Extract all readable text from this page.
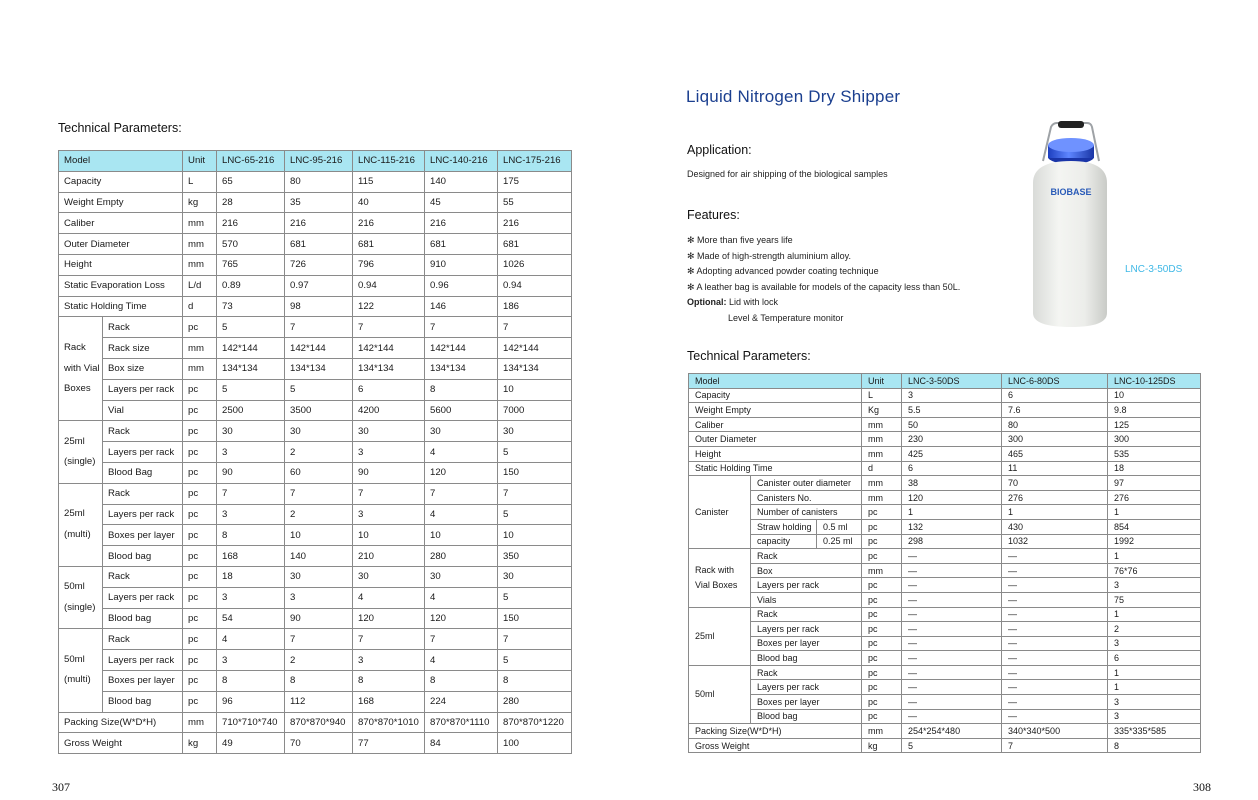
Technical Parameters:
Model		Unit	LNC-65-216	LNC-95-216	LNC-115-216	LNC-140-216	LNC-175-216
Capacity		L	65	80	115	140	175
Weight Empty		kg	28	35	40	45	55
Caliber		mm	216	216	216	216	216
Outer Diameter		mm	570	681	681	681	681
Height		mm	765	726	796	910	1026
Static Evaporation Loss		L/d	0.89	0.97	0.94	0.96	0.94
Static Holding Time		d	73	98	122	146	186
Rack with Vial Boxes	Rack	pc	5	7	7	7	7
	Rack size	mm	142*144	142*144	142*144	142*144	142*144
	Box size	mm	134*134	134*134	134*134	134*134	134*134
	Layers per rack	pc	5	5	6	8	10
	Vial	pc	2500	3500	4200	5600	7000
25ml (single)	Rack	pc	30	30	30	30	30
	Layers per rack	pc	3	2	3	4	5
	Blood Bag	pc	90	60	90	120	150
25ml (multi)	Rack	pc	7	7	7	7	7
	Layers per rack	pc	3	2	3	4	5
	Boxes per layer	pc	8	10	10	10	10
	Blood bag	pc	168	140	210	280	350
50ml (single)	Rack	pc	18	30	30	30	30
	Layers per rack	pc	3	3	4	4	5
	Blood bag	pc	54	90	120	120	150
50ml (multi)	Rack	pc	4	7	7	7	7
	Layers per rack	pc	3	2	3	4	5
	Boxes per layer	pc	8	8	8	8	8
	Blood bag	pc	96	112	168	224	280
Packing Size(W*D*H)		mm	710*710*740	870*870*940	870*870*1010	870*870*1110	870*870*1220
Gross Weight		kg	49	70	77	84	100
307
Liquid Nitrogen Dry Shipper
Application:
Designed for air shipping of the biological samples
Features:
✻ More than five years life
✻ Made of high-strength aluminium alloy.
✻ Adopting advanced powder coating technique
✻ A leather bag is available for models of the capacity less than 50L.
Optional: Lid with lock
Level & Temperature monitor
BIOBASE
LNC-3-50DS
Technical Parameters:
Model			Unit	LNC-3-50DS	LNC-6-80DS	LNC-10-125DS
Capacity			L	3	6	10
Weight Empty			Kg	5.5	7.6	9.8
Caliber			mm	50	80	125
Outer Diameter			mm	230	300	300
Height			mm	425	465	535
Static Holding Time			d	6	11	18
Canister	Canister outer diameter		mm	38	70	97
	Canisters No.		mm	120	276	276
	Number of canisters		pc	1	1	1
	Straw holding	0.5 ml	pc	132	430	854
	capacity	0.25 ml	pc	298	1032	1992
Rack with Vial Boxes	Rack		pc	—	—	1
	Box		mm	—	—	76*76
	Layers per rack		pc	—	—	3
	Vials		pc	—	—	75
25ml	Rack		pc	—	—	1
	Layers per rack		pc	—	—	2
	Boxes per layer		pc	—	—	3
	Blood bag		pc	—	—	6
50ml	Rack		pc	—	—	1
	Layers per rack		pc	—	—	1
	Boxes per layer		pc	—	—	3
	Blood bag		pc	—	—	3
Packing Size(W*D*H)			mm	254*254*480	340*340*500	335*335*585
Gross Weight			kg	5	7	8
308
